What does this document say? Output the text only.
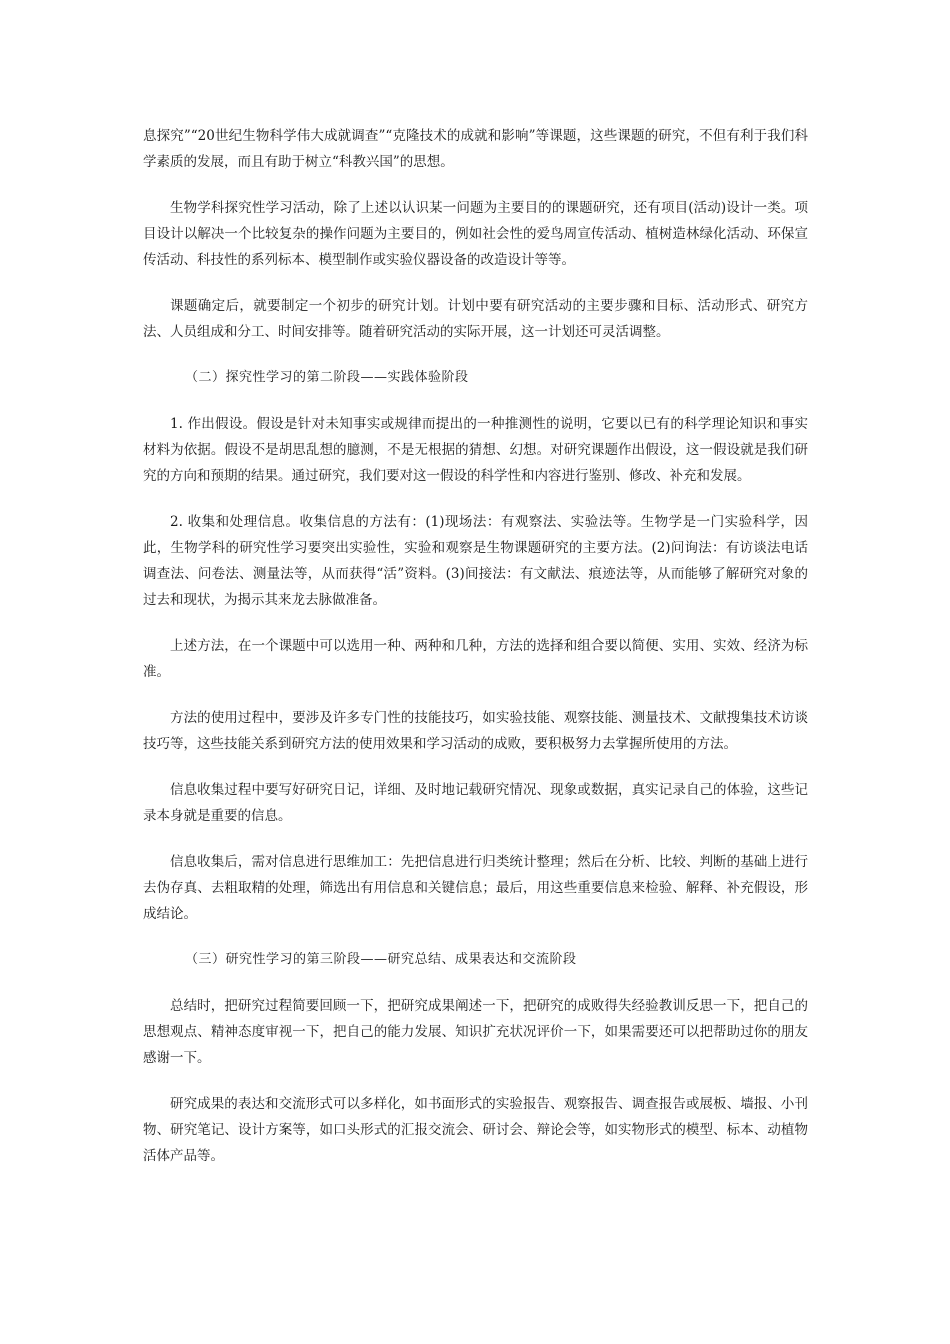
息探究”“20世纪生物科学伟大成就调查”“克隆技术的成就和影响”等课题，这些课题的研究，不但有利于我们科学素质的发展，而且有助于树立“科教兴国”的思想。

生物学科探究性学习活动，除了上述以认识某一问题为主要目的的课题研究，还有项目(活动)设计一类。项目设计以解决一个比较复杂的操作问题为主要目的，例如社会性的爱鸟周宣传活动、植树造林绿化活动、环保宣传活动、科技性的系列标本、模型制作或实验仪器设备的改造设计等等。

课题确定后，就要制定一个初步的研究计划。计划中要有研究活动的主要步骤和目标、活动形式、研究方法、人员组成和分工、时间安排等。随着研究活动的实际开展，这一计划还可灵活调整。

（二）探究性学习的第二阶段——实践体验阶段

1. 作出假设。假设是针对未知事实或规律而提出的一种推测性的说明，它要以已有的科学理论知识和事实材料为依据。假设不是胡思乱想的臆测，不是无根据的猜想、幻想。对研究课题作出假设，这一假设就是我们研究的方向和预期的结果。通过研究，我们要对这一假设的科学性和内容进行鉴别、修改、补充和发展。

2. 收集和处理信息。收集信息的方法有：(1)现场法：有观察法、实验法等。生物学是一门实验科学，因此，生物学科的研究性学习要突出实验性，实验和观察是生物课题研究的主要方法。(2)问询法：有访谈法电话调查法、问卷法、测量法等，从而获得“活”资料。(3)间接法：有文献法、痕迹法等，从而能够了解研究对象的过去和现状，为揭示其来龙去脉做准备。

上述方法，在一个课题中可以选用一种、两种和几种，方法的选择和组合要以简便、实用、实效、经济为标准。

方法的使用过程中，要涉及许多专门性的技能技巧，如实验技能、观察技能、测量技术、文献搜集技术访谈技巧等，这些技能关系到研究方法的使用效果和学习活动的成败，要积极努力去掌握所使用的方法。

信息收集过程中要写好研究日记，详细、及时地记载研究情况、现象或数据，真实记录自己的体验，这些记录本身就是重要的信息。

信息收集后，需对信息进行思维加工：先把信息进行归类统计整理；然后在分析、比较、判断的基础上进行去伪存真、去粗取精的处理，筛选出有用信息和关键信息；最后，用这些重要信息来检验、解释、补充假设，形成结论。

（三）研究性学习的第三阶段——研究总结、成果表达和交流阶段

总结时，把研究过程简要回顾一下，把研究成果阐述一下，把研究的成败得失经验教训反思一下，把自己的思想观点、精神态度审视一下，把自己的能力发展、知识扩充状况评价一下，如果需要还可以把帮助过你的朋友感谢一下。

研究成果的表达和交流形式可以多样化，如书面形式的实验报告、观察报告、调查报告或展板、墙报、小刊物、研究笔记、设计方案等，如口头形式的汇报交流会、研讨会、辩论会等，如实物形式的模型、标本、动植物活体产品等。
